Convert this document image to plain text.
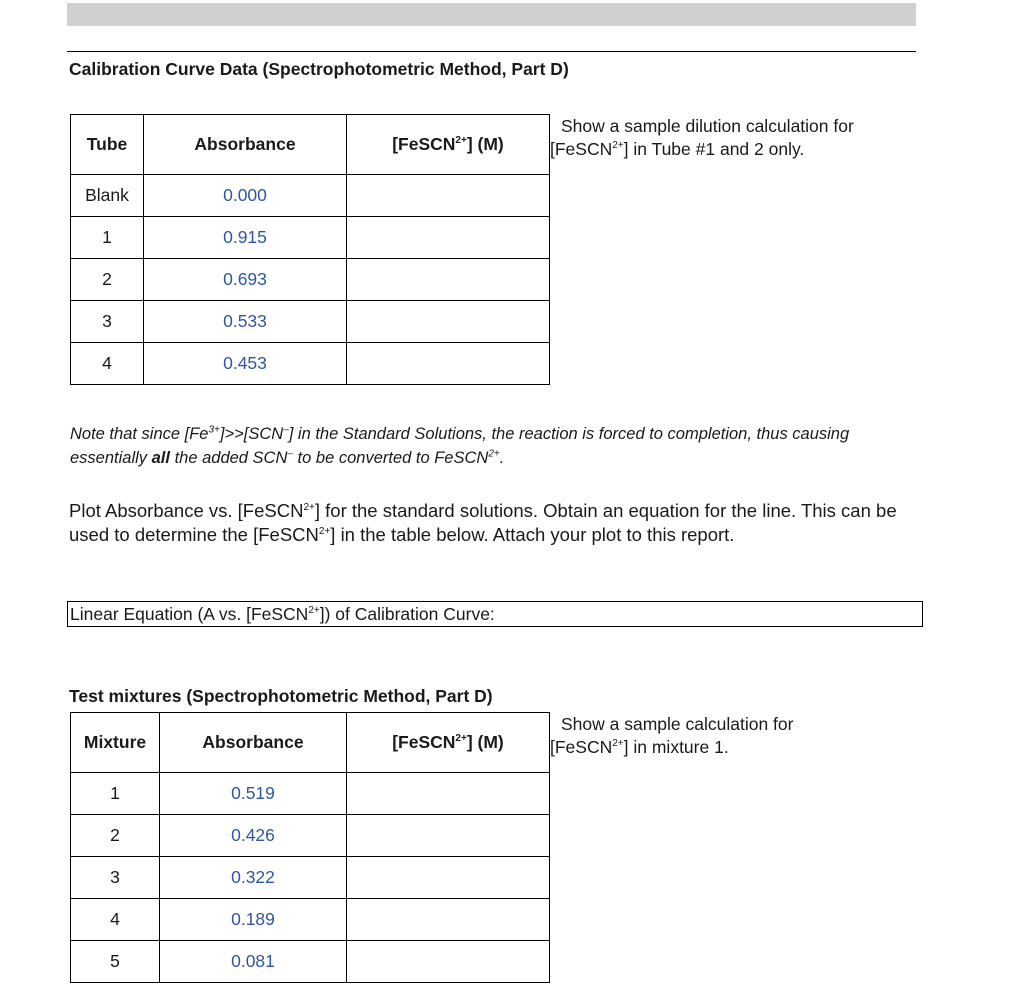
Calibration Curve Data (Spectrophotometric Method, Part D)
Tube	Absorbance	[FeSCN$^{2+}$] (M)
Blank	0.000	
1	0.915	
2	0.693	
3	0.533	
4	0.453	
Show a sample dilution calculation for
[FeSCN$^{2+}$] in Tube #1 and 2 only.
Note that since $[Fe^{3+}]>>[SCN^-]$ in the Standard Solutions, the reaction is forced to completion, thus causing essentially all the added SCN– to be converted to FeSCN$^{2+}$.
Plot Absorbance vs. [FeSCN$^{2+}$] for the standard solutions. Obtain an equation for the line. This can be used to determine the [FeSCN$^{2+}$] in the table below. Attach your plot to this report.
Linear Equation (A vs. [FeSCN$^{2+}$]) of Calibration Curve:
Test mixtures (Spectrophotometric Method, Part D)
Mixture	Absorbance	[FeSCN$^{2+}$] (M)
1	0.519	
2	0.426	
3	0.322	
4	0.189	
5	0.081	
Show a sample calculation for
[FeSCN$^{2+}$] in mixture 1.
